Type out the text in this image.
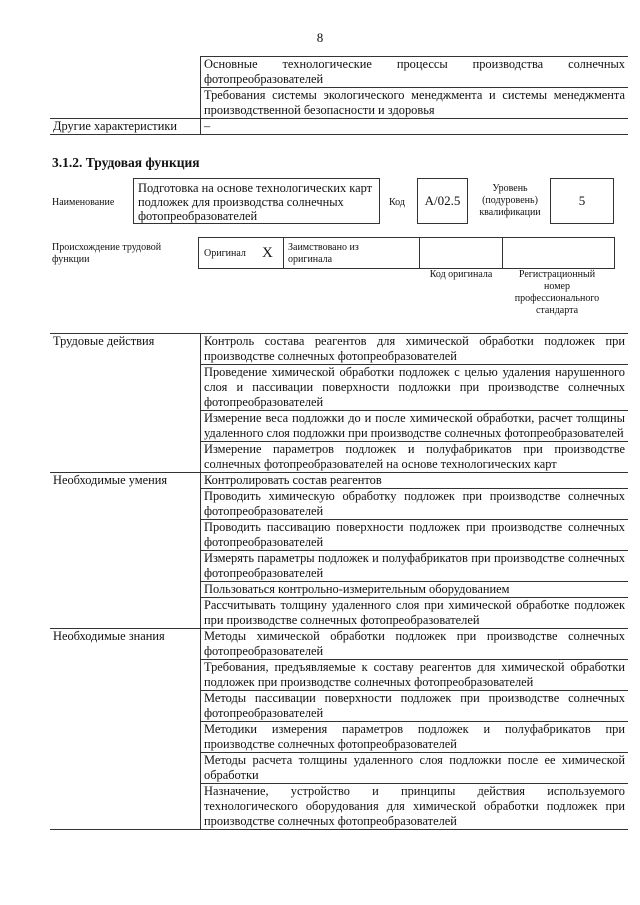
8
	Основные технологические процессы производства солнечных фотопреобразователей
	Требования системы экологического менеджмента и системы менеджмента производственной безопасности и здоровья
Другие характеристики	–
3.1.2. Трудовая функция
Наименование
Подготовка на основе технологических карт подложек для производства солнечных фотопреобразователей
Код	А/02.5
Уровень (подуровень) квалификации
5
Происхождение трудовой функции
Оригинал X Заимствовано из оригинала
Код оригинала	Регистрационный номер профессионального стандарта
Трудовые действия	Контроль состава реагентов для химической обработки подложек при производстве солнечных фотопреобразователей
	Проведение химической обработки подложек с целью удаления нарушенного слоя и пассивации поверхности подложки при производстве солнечных фотопреобразователей
	Измерение веса подложки до и после химической обработки, расчет толщины удаленного слоя подложки при производстве солнечных фотопреобразователей
	Измерение параметров подложек и полуфабрикатов при производстве солнечных фотопреобразователей на основе технологических карт
Необходимые умения	Контролировать состав реагентов
	Проводить химическую обработку подложек при производстве солнечных фотопреобразователей
	Проводить пассивацию поверхности подложек при производстве солнечных фотопреобразователей
	Измерять параметры подложек и полуфабрикатов при производстве солнечных фотопреобразователей
	Пользоваться контрольно-измерительным оборудованием
	Рассчитывать толщину удаленного слоя при химической обработке подложек при производстве солнечных фотопреобразователей
Необходимые знания	Методы химической обработки подложек при производстве солнечных фотопреобразователей
	Требования, предъявляемые к составу реагентов для химической обработки подложек при производстве солнечных фотопреобразователей
	Методы пассивации поверхности подложек при производстве солнечных фотопреобразователей
	Методики измерения параметров подложек и полуфабрикатов при производстве солнечных фотопреобразователей
	Методы расчета толщины удаленного слоя подложки после ее химической обработки
	Назначение, устройство и принципы действия используемого технологического оборудования для химической обработки подложек при производстве солнечных фотопреобразователей
